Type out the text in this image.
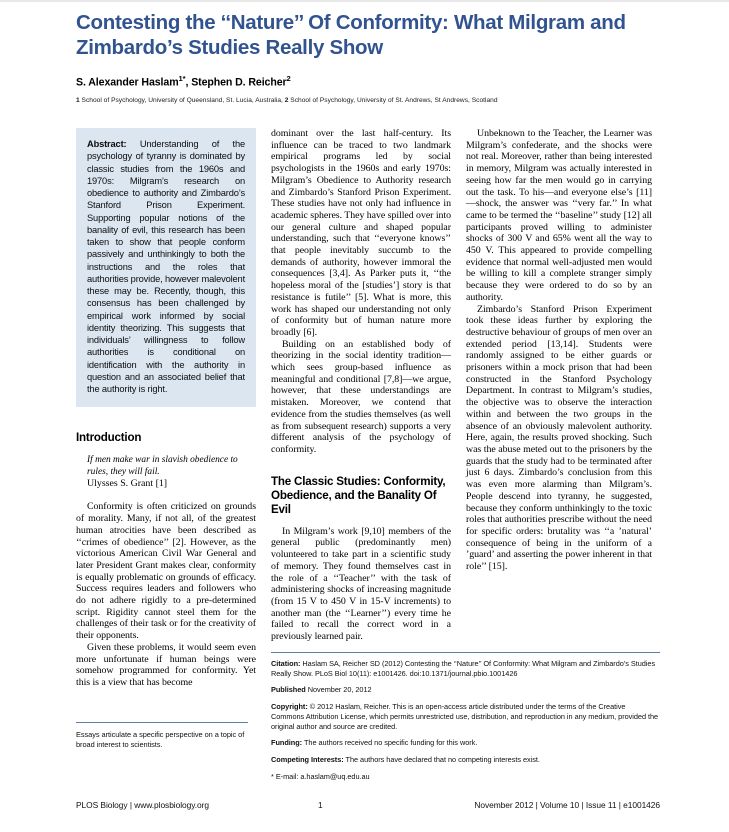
Contesting the ‘‘Nature’’ Of Conformity: What Milgram and Zimbardo’s Studies Really Show
S. Alexander Haslam$^{1*}$, Stephen D. Reicher$^2$
1 School of Psychology, University of Queensland, St. Lucia, Australia, 2 School of Psychology, University of St. Andrews, St Andrews, Scotland
Abstract: Understanding of the psychology of tyranny is dominated by classic studies from the 1960s and 1970s: Milgram’s research on obedience to authority and Zimbardo’s Stanford Prison Experiment. Supporting popular notions of the banality of evil, this research has been taken to show that people conform passively and unthinkingly to both the instructions and the roles that authorities provide, however malevolent these may be. Recently, though, this consensus has been challenged by empirical work informed by social identity theorizing. This suggests that individuals’ willingness to follow authorities is conditional on identification with the authority in question and an associated belief that the authority is right.
Introduction
If men make war in slavish obedience to rules, they will fail.
Ulysses S. Grant [1]

Conformity is often criticized on grounds of morality. Many, if not all, of the greatest human atrocities have been described as ‘‘crimes of obedience’’ [2]. However, as the victorious American Civil War General and later President Grant makes clear, conformity is equally problematic on grounds of efficacy. Success requires leaders and followers who do not adhere rigidly to a pre-determined script. Rigidity cannot steel them for the challenges of their task or for the creativity of their opponents.

Given these problems, it would seem even more unfortunate if human beings were somehow programmed for conformity. Yet this is a view that has become

dominant over the last half-century. Its influence can be traced to two landmark empirical programs led by social psychologists in the 1960s and early 1970s: Milgram’s Obedience to Authority research and Zimbardo’s Stanford Prison Experiment. These studies have not only had influence in academic spheres. They have spilled over into our general culture and shaped popular understanding, such that ‘‘everyone knows’’ that people inevitably succumb to the demands of authority, however immoral the consequences [3,4]. As Parker puts it, ‘‘the hopeless moral of the [studies’] story is that resistance is futile’’ [5]. What is more, this work has shaped our understanding not only of conformity but of human nature more broadly [6].

Building on an established body of theorizing in the social identity tradition—which sees group-based influence as meaningful and conditional [7,8]—we argue, however, that these understandings are mistaken. Moreover, we contend that evidence from the studies themselves (as well as from subsequent research) supports a very different analysis of the psychology of conformity.

The Classic Studies: Conformity,
Obedience, and the Banality Of Evil

In Milgram’s work [9,10] members of the general public (predominantly men) volunteered to take part in a scientific study of memory. They found themselves cast in the role of a ‘‘Teacher’’ with the task of administering shocks of increasing magnitude (from 15 V to 450 V in 15-V increments) to another man (the ‘‘Learner’’) every time he failed to recall the correct word in a previously learned pair.

Unbeknown to the Teacher, the Learner was Milgram’s confederate, and the shocks were not real. Moreover, rather than being interested in memory, Milgram was actually interested in seeing how far the men would go in carrying out the task. To his—and everyone else’s [11]—shock, the answer was ‘‘very far.’’ In what came to be termed the ‘‘baseline’’ study [12] all participants proved willing to administer shocks of 300 V and 65% went all the way to 450 V. This appeared to provide compelling evidence that normal well-adjusted men would be willing to kill a complete stranger simply because they were ordered to do so by an authority.

Zimbardo’s Stanford Prison Experiment took these ideas further by exploring the destructive behaviour of groups of men over an extended period [13,14]. Students were randomly assigned to be either guards or prisoners within a mock prison that had been constructed in the Stanford Psychology Department. In contrast to Milgram’s studies, the objective was to observe the interaction within and between the two groups in the absence of an obviously malevolent authority. Here, again, the results proved shocking. Such was the abuse meted out to the prisoners by the guards that the study had to be terminated after just 6 days. Zimbardo’s conclusion from this was even more alarming than Milgram’s. People descend into tyranny, he suggested, because they conform unthinkingly to the toxic roles that authorities prescribe without the need for specific orders: brutality was ‘‘a ’natural’ consequence of being in the uniform of a ’guard’ and asserting the power inherent in that role’’ [15].

Essays articulate a specific perspective on a topic of broad interest to scientists.

Citation: Haslam SA, Reicher SD (2012) Contesting the ‘‘Nature’’ Of Conformity: What Milgram and Zimbardo’s Studies Really Show. PLoS Biol 10(11): e1001426. doi:10.1371/journal.pbio.1001426

Published November 20, 2012

Copyright: © 2012 Haslam, Reicher. This is an open-access article distributed under the terms of the Creative Commons Attribution License, which permits unrestricted use, distribution, and reproduction in any medium, provided the original author and source are credited.

Funding: The authors received no specific funding for this work.

Competing Interests: The authors have declared that no competing interests exist.

* E-mail: a.haslam@uq.edu.au

PLOS Biology | www.plosbiology.org	1	November 2012 | Volume 10 | Issue 11 | e1001426
